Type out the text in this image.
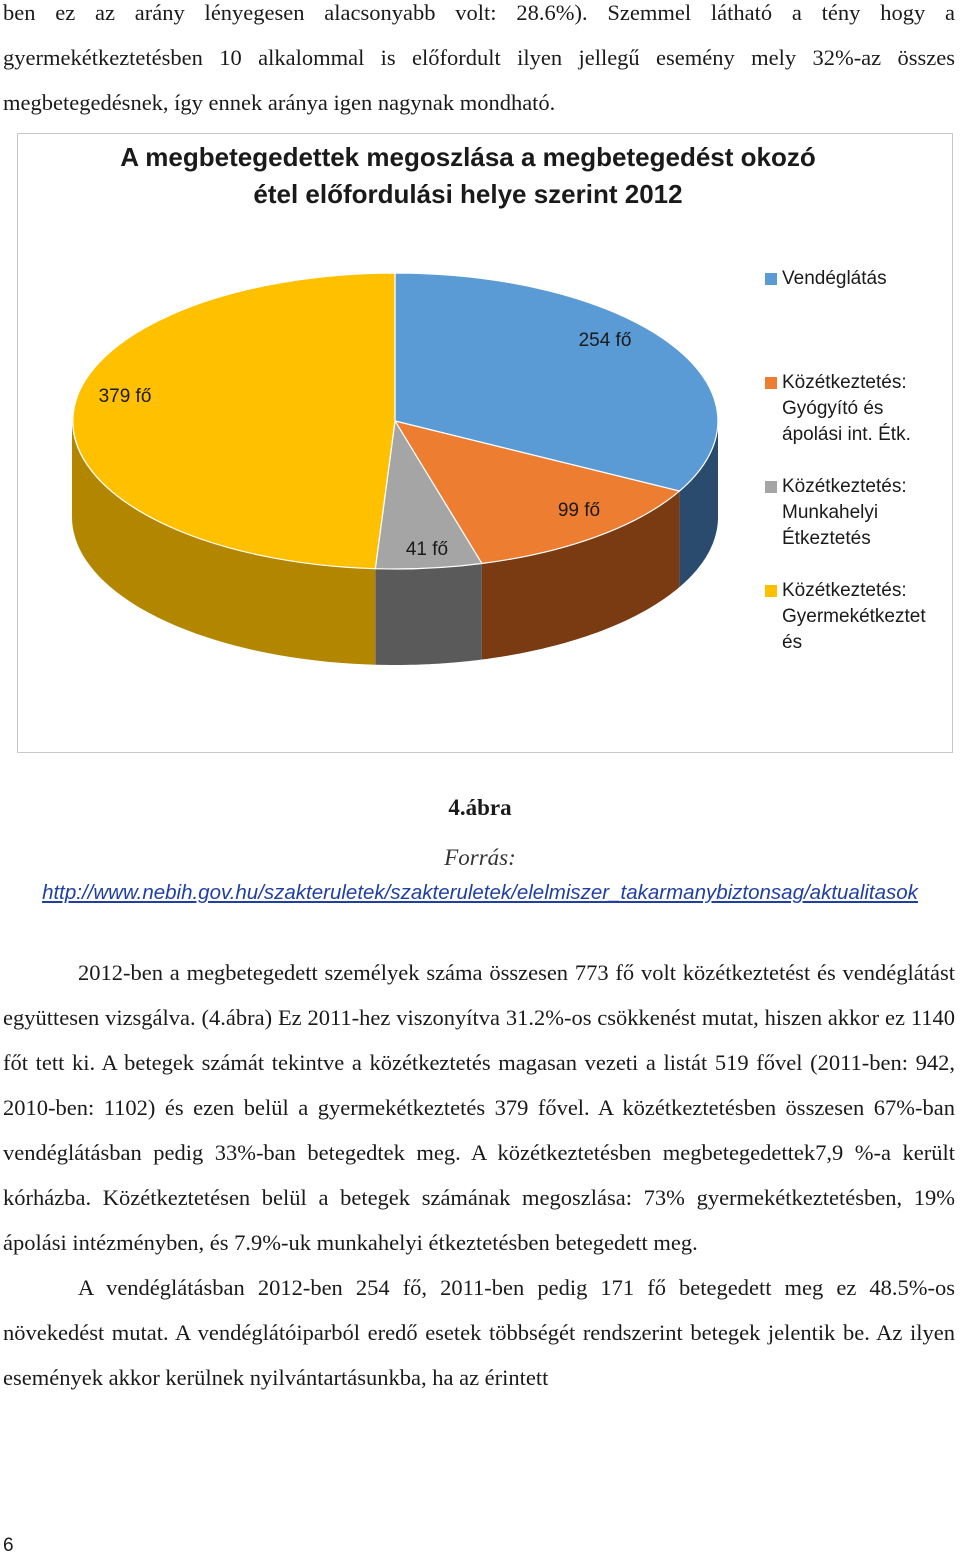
ben ez az arány lényegesen alacsonyabb volt: 28.6%). Szemmel látható a tény hogy a gyermekétkeztetésben 10 alkalommal is előfordult ilyen jellegű esemény mely 32%-az összes megbetegedésnek, így ennek aránya igen nagynak mondható.

A megbetegedettek megoszlása a megbetegedést okozó
étel előfordulási helye szerint 2012
254 fő
99 fő
41 fő
379 fő
Vendéglátás
Közétkeztetés:
Gyógyító és
ápolási int. Étk.
Közétkeztetés:
Munkahelyi
Étkeztetés
Közétkeztetés:
Gyermekétkeztet
és
4.ábra
Forrás:
http://www.nebih.gov.hu/szakteruletek/szakteruletek/elelmiszer_takarmanybiztonsag/aktualitasok

2012-ben a megbetegedett személyek száma összesen 773 fő volt közétkeztetést és vendéglátást együttesen vizsgálva. (4.ábra) Ez 2011-hez viszonyítva 31.2%-os csökkenést mutat, hiszen akkor ez 1140 főt tett ki. A betegek számát tekintve a közétkeztetés magasan vezeti a listát 519 fővel (2011-ben: 942, 2010-ben: 1102) és ezen belül a gyermekétkeztetés 379 fővel. A közétkeztetésben összesen 67%-ban vendéglátásban pedig 33%-ban betegedtek meg. A közétkeztetésben megbetegedettek7,9 %-a került kórházba. Közétkeztetésen belül a betegek számának megoszlása: 73% gyermekétkeztetésben, 19% ápolási intézményben, és 7.9%-uk munkahelyi étkeztetésben betegedett meg.

A vendéglátásban 2012-ben 254 fő, 2011-ben pedig 171 fő betegedett meg ez 48.5%-os növekedést mutat. A vendéglátóiparból eredő esetek többségét rendszerint betegek jelentik be. Az ilyen események akkor kerülnek nyilvántartásunkba, ha az érintett

6
